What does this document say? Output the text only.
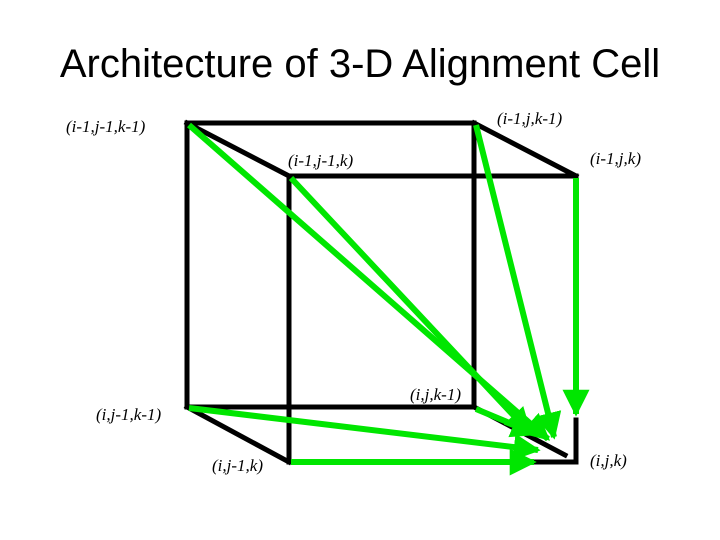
Architecture of 3-D Alignment Cell
(i-1,j-1,k-1)	(i-1,j,k-1)
(i-1,j-1,k)	(i-1,j,k)
(i,j,k-1)
(i,j-1,k-1)
(i,j-1,k)	(i,j,k)
